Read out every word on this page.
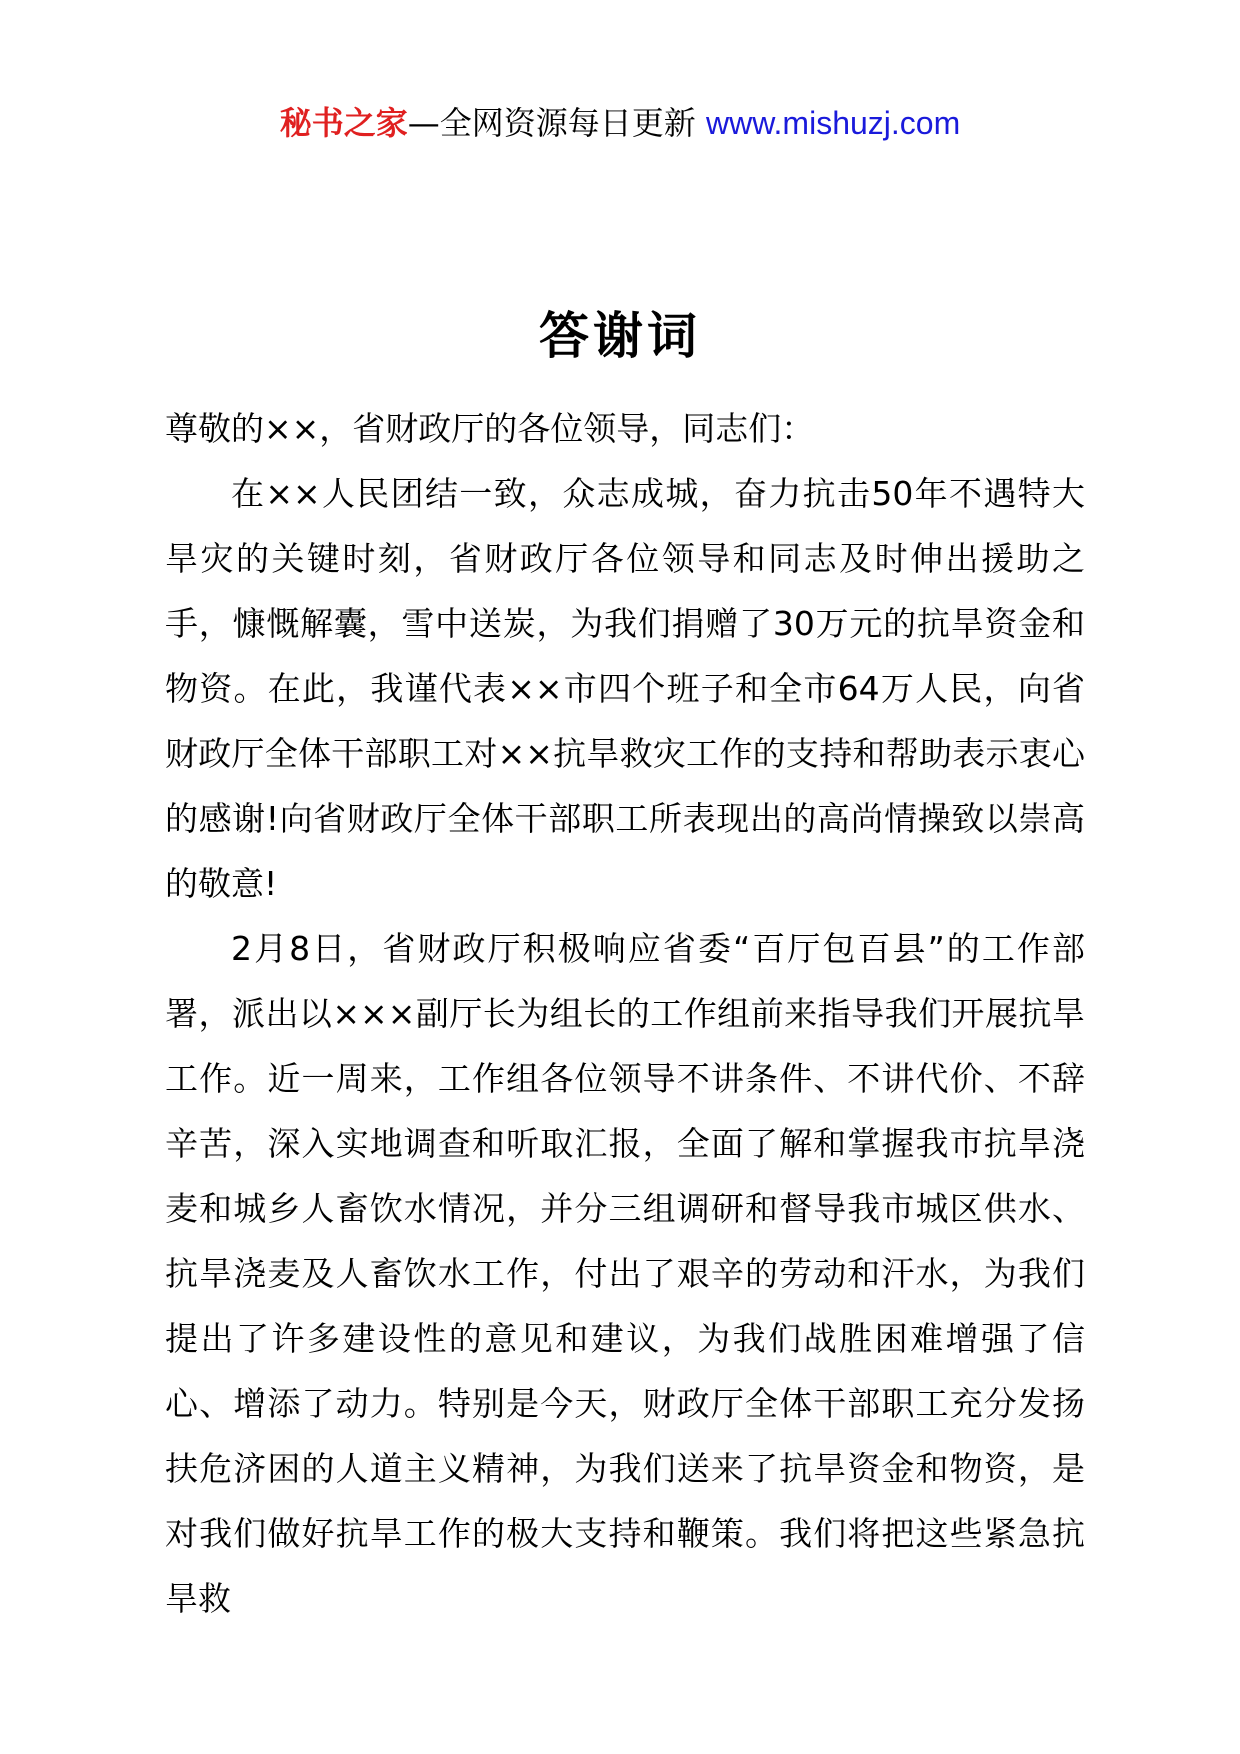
秘书之家—全网资源每日更新 www.mishuzj.com
答谢词

尊敬的××，省财政厅的各位领导，同志们：

在××人民团结一致，众志成城，奋力抗击50年不遇特大旱灾的关键时刻，省财政厅各位领导和同志及时伸出援助之手，慷慨解囊，雪中送炭，为我们捐赠了30万元的抗旱资金和物资。在此，我谨代表××市四个班子和全市64万人民，向省财政厅全体干部职工对××抗旱救灾工作的支持和帮助表示衷心的感谢!向省财政厅全体干部职工所表现出的高尚情操致以崇高的敬意!

2月8日，省财政厅积极响应省委“百厅包百县”的工作部署，派出以×××副厅长为组长的工作组前来指导我们开展抗旱工作。近一周来，工作组各位领导不讲条件、不讲代价、不辞辛苦，深入实地调查和听取汇报，全面了解和掌握我市抗旱浇麦和城乡人畜饮水情况，并分三组调研和督导我市城区供水、抗旱浇麦及人畜饮水工作，付出了艰辛的劳动和汗水，为我们提出了许多建设性的意见和建议，为我们战胜困难增强了信心、增添了动力。特别是今天，财政厅全体干部职工充分发扬扶危济困的人道主义精神，为我们送来了抗旱资金和物资，是对我们做好抗旱工作的极大支持和鞭策。我们将把这些紧急抗旱救
